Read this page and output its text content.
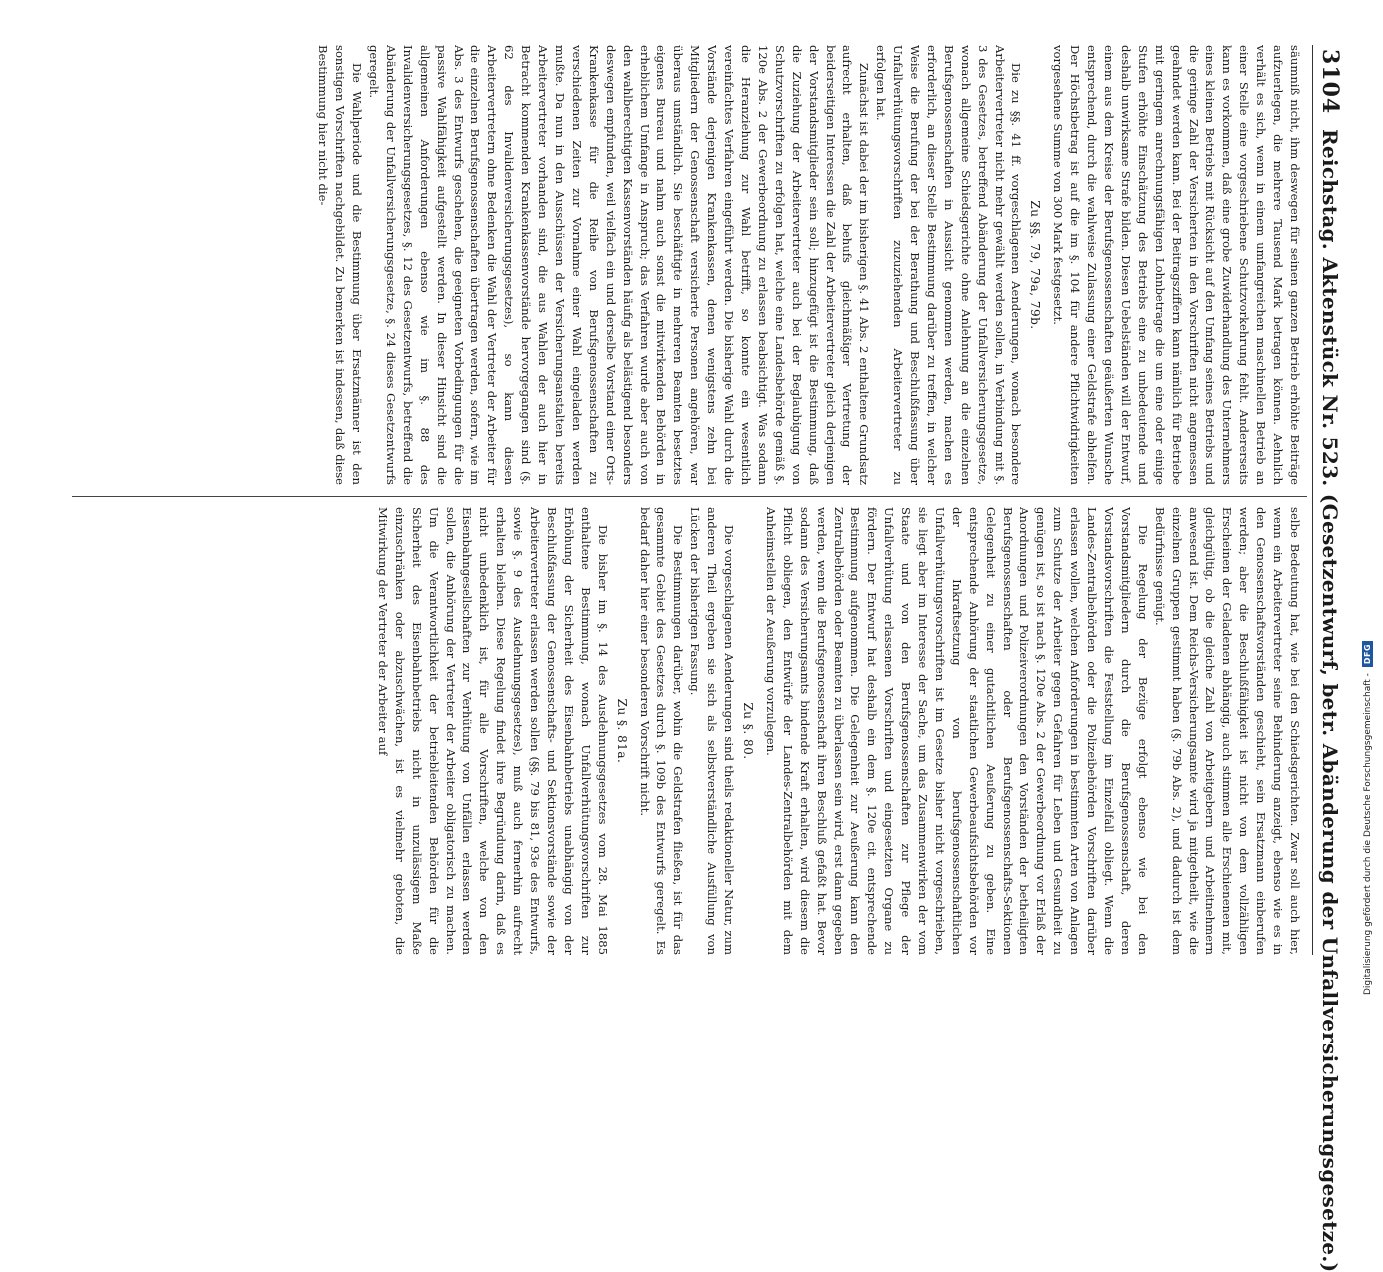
3104
Reichstag. Aktenstück Nr. 523. (Gesetzentwurf, betr. Abänderung der Unfallversicherungsgesetze.)

säumniß nicht, ihm deswegen für seinen ganzen Betrieb erhöhte Beiträge aufzuerlegen, die mehrere Tausend Mark betragen können. Aehnlich verhält es sich, wenn in einem umfangreichen maschinellen Betrieb an einer Stelle eine vorgeschriebene Schutzvorkehrung fehlt. Andererseits kann es vorkommen, daß eine grobe Zuwiderhandlung des Unternehmers eines kleinen Betriebs mit Rücksicht auf den Umfang seines Betriebs und die geringe Zahl der Versicherten in den Vorschriften nicht angemessen geahndet werden kann. Bei der Beitragsziffern kann nämlich für Betriebe mit geringem anrechnungsfähigen Lohnbetrage die um eine oder einige Stufen erhöhte Einschätzung des Betriebs eine zu unbedeutende und deshalb unwirksame Strafe bilden. Diesen Uebelständen will der Entwurf, einem aus dem Kreise der Berufsgenossenschaften geäußerten Wunsche entsprechend, durch die wahlweise Zulassung einer Geldstrafe abhelfen. Der Höchstbetrag ist auf die im §. 104 für andere Pflichtwidrigkeiten vorgesehene Summe von 300 Mark festgesetzt.

Zu §§. 79, 79a, 79b.

Die zu §§. 41 ff. vorgeschlagenen Aenderungen, wonach besondere Arbeitervertreter nicht mehr gewählt werden sollen, in Verbindung mit §. 3 des Gesetzes, betreffend Abänderung der Unfallversicherungsgesetze, wonach allgemeine Schiedsgerichte ohne Anlehnung an die einzelnen Berufsgenossenschaften in Aussicht genommen werden, machen es erforderlich, an dieser Stelle Bestimmung darüber zu treffen, in welcher Weise die Berufung der bei der Berathung und Beschlußfassung über Unfallverhütungsvorschriften zuzuziehenden Arbeitervertreter zu erfolgen hat.

Zunächst ist dabei der im bisherigen §. 41 Abs. 2 enthaltene Grundsatz aufrecht erhalten, daß behufs gleichmäßiger Vertretung der beiderseitigen Interessen die Zahl der Arbeitervertreter gleich derjenigen der Vorstandsmitglieder sein soll; hinzugefügt ist die Bestimmung, daß die Zuziehung der Arbeitervertreter auch bei der Beglaubigung von Schutzvorschriften zu erfolgen hat, welche eine Landesbehörde gemäß §. 120e Abs. 2 der Gewerbeordnung zu erlassen beabsichtigt. Was sodann die Heranziehung zur Wahl betrifft, so konnte ein wesentlich vereinfachtes Verfahren eingeführt werden. Die bisherige Wahl durch die Vorstände derjenigen Krankenkassen, denen wenigstens zehn bei Mitgliedern der Genossenschaft versicherte Personen angehören, war überaus umständlich. Sie beschäftigte in mehreren Beamten besetztes eigenes Bureau und nahm auch sonst die mitwirkenden Behörden in erheblichem Umfange in Anspruch; das Verfahren wurde aber auch von den wahlberechtigten Kassenvorständen häufig als belästigend besonders deswegen empfunden, weil vielfach ein und derselbe Vorstand einer Orts-Krankenkasse für die Reihe von Berufsgenossenschaften zu verschiedenen Zeiten zur Vornahme einer Wahl eingeladen werden mußte. Da nun in den Ausschüssen der Versicherungsanstalten bereits Arbeitervertreter vorhanden sind, die aus Wahlen der auch hier in Betracht kommenden Krankenkassenvorstände hervorgegangen sind (§. 62 des Invalidenversicherungsgesetzes), so kann diesen Arbeitervertretern ohne Bedenken die Wahl der Vertreter der Arbeiter für die einzelnen Berufsgenossenschaften übertragen werden, sofern, wie im Abs. 3 des Entwurfs geschehen, die geeigneten Vorbedingungen für die passive Wahlfähigkeit aufgestellt werden. In dieser Hinsicht sind die allgemeinen Anforderungen ebenso wie im §. 88 des Invalidenversicherungsgesetzes, §. 12 des Gesetzentwurfs, betreffend die Abänderung der Unfallversicherungsgesetze, §. 24 dieses Gesetzentwurfs geregelt.

Die Wahlperiode und die Bestimmung über Ersatzmänner ist den sonstigen Vorschriften nachgebildet. Zu bemerken ist indessen, daß diese Bestimmung hier nicht die-

selbe Bedeutung hat, wie bei den Schiedsgerichten. Zwar soll auch hier, wenn ein Arbeitervertreter seine Behinderung anzeigt, ebenso wie es in den Genossenschaftsvorständen geschieht, sein Ersatzmann einberufen werden; aber die Beschlußfähigkeit ist nicht von dem vollzähligen Erscheinen der Geladenen abhängig, auch stimmen alle Erschienenen mit, gleichgültig, ob die gleiche Zahl von Arbeitgebern und Arbeitnehmern anwesend ist. Dem Reichs-Versicherungsamte wird ja mitgetheilt, wie die einzelnen Gruppen gestimmt haben (§. 79b Abs. 2), und dadurch ist dem Bedürfnisse genügt.

Die Regelung der Bezüge erfolgt ebenso wie bei den Vorstandsmitgliedern durch die Berufsgenossenschaft, deren Vorstandsvorschriften die Feststellung im Einzelfall obliegt. Wenn die Landes-Zentralbehörden oder die Polizeibehörden Vorschriften darüber erlassen wollen, welchen Anforderungen in bestimmten Arten von Anlagen zum Schutze der Arbeiter gegen Gefahren für Leben und Gesundheit zu genügen ist, so ist nach §. 120e Abs. 2 der Gewerbeordnung vor Erlaß der Anordnungen und Polizeiverordnungen den Vorständen der betheiligten Berufsgenossenschaften oder Berufsgenossenschafts-Sektionen Gelegenheit zu einer gutachtlichen Aeußerung zu geben. Eine entsprechende Anhörung der staatlichen Gewerbeaufsichtsbehörden vor der Inkraftsetzung von berufsgenossenschaftlichen Unfallverhütungsvorschriften ist im Gesetze bisher nicht vorgeschrieben, sie liegt aber im Interesse der Sache, um das Zusammenwirken der vom Staate und von den Berufsgenossenschaften zur Pflege der Unfallverhütung erlassenen Vorschriften und eingesetzten Organe zu fördern. Der Entwurf hat deshalb ein dem §. 120e cit. entsprechende Bestimmung aufgenommen. Die Gelegenheit zur Aeußerung kann den Zentralbehörden oder Beamten zu überlassen sein wird, erst dann gegeben werden, wenn die Berufsgenossenschaft ihren Beschluß gefaßt hat. Bevor sodann des Versicherungsamts bindende Kraft erhalten, wird diesem die Pflicht obliegen, den Entwürfe der Landes-Zentralbehörden mit dem Anheimstellen der Aeußerung vorzulegen.

Zu §. 80.

Die vorgeschlagenen Aenderungen sind theils redaktioneller Natur, zum anderen Theil ergeben sie sich als selbstverständliche Ausfüllung von Lücken der bisherigen Fassung.

Die Bestimmungen darüber, wohin die Geldstrafen fließen, ist für das gesammte Gebiet des Gesetzes durch §. 109b des Entwurfs geregelt. Es bedarf daher hier einer besonderen Vorschrift nicht.

Zu §. 81a.

Die bisher im §. 14 des Ausdehnungsgesetzes vom 28. Mai 1885 enthaltene Bestimmung, wonach Unfallverhütungsvorschriften zur Erhöhung der Sicherheit des Eisenbahnbetriebs unabhängig von der Beschlußfassung der Genossenschafts- und Sektionsvorstände sowie der Arbeitervertreter erlassen werden sollen (§§. 79 bis 81, 93e des Entwurfs, sowie §. 9 des Ausdehnungsgesetzes), muß auch fernerhin aufrecht erhalten bleiben. Diese Regelung findet ihre Begründung darin, daß es nicht unbedenklich ist, für alle Vorschriften, welche von den Eisenbahngesellschaften zur Verhütung von Unfällen erlassen werden sollen, die Anhörung der Vertreter der Arbeiter obligatorisch zu machen. Um die Verantwortlichkeit der betriebleitenden Behörden für die Sicherheit des Eisenbahnbetriebs nicht in unzulässigem Maße einzuschränken oder abzuschwächen, ist es vielmehr geboten, die Mitwirkung der Vertreter der Arbeiter auf

Digitalisierung gefördert durch die Deutsche Forschungsgemeinschaft -
DFG
